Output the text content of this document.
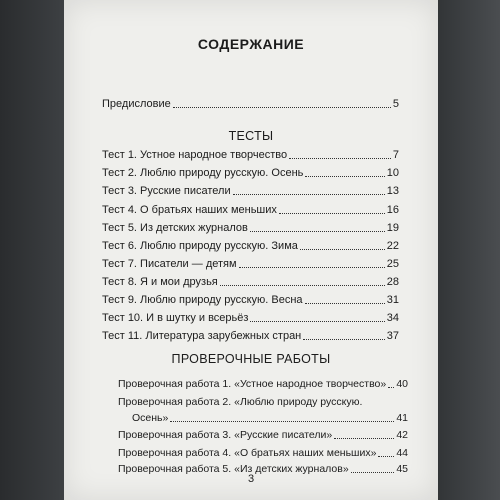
СОДЕРЖАНИЕ
Предисловие	5
ТЕСТЫ
Тест 1. Устное народное творчество	7
Тест 2. Люблю природу русскую. Осень	10
Тест 3. Русские писатели	13
Тест 4. О братьях наших меньших	16
Тест 5. Из детских журналов	19
Тест 6. Люблю природу русскую. Зима	22
Тест 7. Писатели — детям	25
Тест 8. Я и мои друзья	28
Тест 9. Люблю природу русскую. Весна	31
Тест 10. И в шутку и всерьёз	34
Тест 11. Литература зарубежных стран	37
ПРОВЕРОЧНЫЕ РАБОТЫ
Проверочная работа 1. «Устное народное творчество» 40
Проверочная работа 2. «Люблю природу русскую.
Осень»	41
Проверочная работа 3. «Русские писатели»	42
Проверочная работа 4. «О братьях наших меньших» 44
Проверочная работа 5. «Из детских журналов»	45
3
